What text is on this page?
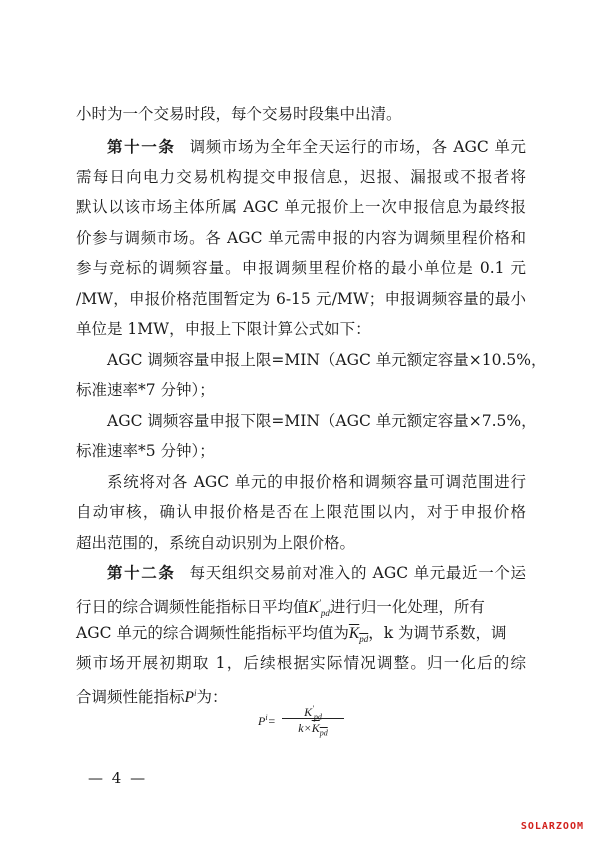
小时为一个交易时段，每个交易时段集中出清。
第十一条 调频市场为全年全天运行的市场，各 AGC 单元
需每日向电力交易机构提交申报信息，迟报、漏报或不报者将
默认以该市场主体所属 AGC 单元报价上一次申报信息为最终报
价参与调频市场。各 AGC 单元需申报的内容为调频里程价格和
参与竞标的调频容量。申报调频里程价格的最小单位是 0.1 元
/MW，申报价格范围暂定为 6-15 元/MW；申报调频容量的最小
单位是 1MW，申报上下限计算公式如下：
AGC 调频容量申报上限=MIN（AGC 单元额定容量×10.5%，
标准速率*7 分钟）；
AGC 调频容量申报下限=MIN（AGC 单元额定容量×7.5%，
标准速率*5 分钟）；
系统将对各 AGC 单元的申报价格和调频容量可调范围进行
自动审核，确认申报价格是否在上限范围以内，对于申报价格
超出范围的，系统自动识别为上限价格。
第十二条 每天组织交易前对准入的 AGC 单元最近一个运
行日的综合调频性能指标日平均值$K'_{pd}$进行归一化处理，所有
AGC 单元的综合调频性能指标平均值为$K_{pd}$，k 为调节系数，调
频市场开展初期取 1，后续根据实际情况调整。归一化后的综
合调频性能指标$P^i$为：
$P^i=$
$K'_{pd}$
$k\times K_{pd}$
— 4 —
SOLARZOOM
